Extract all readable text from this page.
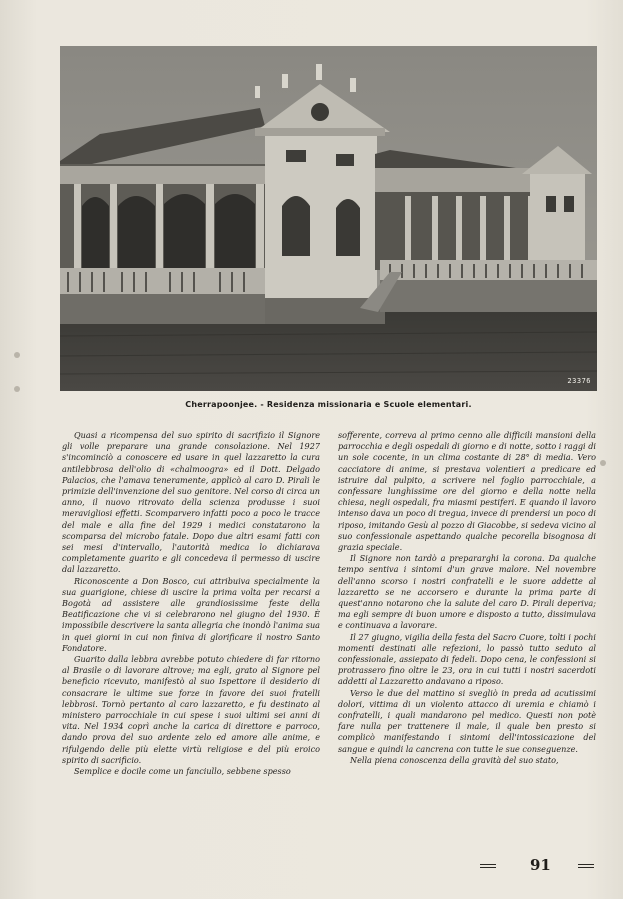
23376
Cherrapoonjee. - Residenza missionaria e Scuole elementari.

Quasi a ricompensa del suo spirito di sacrifizio il Signore gli volle preparare una grande consolazione. Nel 1927 s'incominciò a conoscere ed usare in quel lazzaretto la cura antilebbrosa dell'olio di «chalmoogra» ed il Dott. Delgado Palacios, che l'amava teneramente, applicò al caro D. Pirali le primizie dell'invenzione del suo genitore. Nel corso di circa un anno, il nuovo ritrovato della scienza produsse i suoi meravigliosi effetti. Scomparvero infatti poco a poco le tracce del male e alla fine del 1929 i medici constatarono la scomparsa del microbo fatale. Dopo due altri esami fatti con sei mesi d'intervallo, l'autorità medica lo dichiarava completamente guarito e gli concedeva il permesso di uscire dal lazzaretto.

Riconoscente a Don Bosco, cui attribuiva specialmente la sua guarigione, chiese di uscire la prima volta per recarsi a Bogotà ad assistere alle grandiosissime feste della Beatificazione che vi si celebrarono nel giugno del 1930. È impossibile descrivere la santa allegria che inondò l'anima sua in quei giorni in cui non finiva di glorificare il nostro Santo Fondatore.

Guarito dalla lebbra avrebbe potuto chiedere di far ritorno al Brasile o di lavorare altrove; ma egli, grato al Signore pel beneficio ricevuto, manifestò al suo Ispettore il desiderio di consacrare le ultime sue forze in favore dei suoi fratelli lebbrosi. Tornò pertanto al caro lazzaretto, e fu destinato al ministero parrocchiale in cui spese i suoi ultimi sei anni di vita. Nel 1934 coprì anche la carica di direttore e parroco, dando prova del suo ardente zelo ed amore alle anime, e rifulgendo delle più elette virtù religiose e del più eroico spirito di sacrificio.

Semplice e docile come un fanciullo, sebbene spesso

sofferente, correva al primo cenno alle difficili mansioni della parrocchia e degli ospedali di giorno e di notte, sotto i raggi di un sole cocente, in un clima costante di 28° di media. Vero cacciatore di anime, si prestava volentieri a predicare ed istruire dal pulpito, a scrivere nel foglio parrocchiale, a confessare lunghissime ore del giorno e della notte nella chiesa, negli ospedali, fra miasmi pestiferi. E quando il lavoro intenso dava un poco di tregua, invece di prendersi un poco di riposo, imitando Gesù al pozzo di Giacobbe, si sedeva vicino al suo confessionale aspettando qualche pecorella bisognosa di grazia speciale.

Il Signore non tardò a prepararghi la corona. Da qualche tempo sentiva i sintomi d'un grave malore. Nel novembre dell'anno scorso i nostri confratelli e le suore addette al lazzaretto se ne accorsero e durante la prima parte di quest'anno notarono che la salute del caro D. Pirali deperiva; ma egli sempre di buon umore e disposto a tutto, dissimulava e continuava a lavorare.

Il 27 giugno, vigilia della festa del Sacro Cuore, tolti i pochi momenti destinati alle refezioni, lo passò tutto seduto al confessionale, assiepato di fedeli. Dopo cena, le confessioni si protrassero fino oltre le 23, ora in cui tutti i nostri sacerdoti addetti al Lazzaretto andavano a riposo.

Verso le due del mattino si svegliò in preda ad acutissimi dolori, vittima di un violento attacco di uremia e chiamò i confratelli, i quali mandarono pel medico. Questi non potè fare nulla per trattenere il male, il quale ben presto si complicò manifestando i sintomi dell'intossicazione del sangue e quindi la cancrena con tutte le sue conseguenze.

Nella piena conoscenza della gravità del suo stato,

91
